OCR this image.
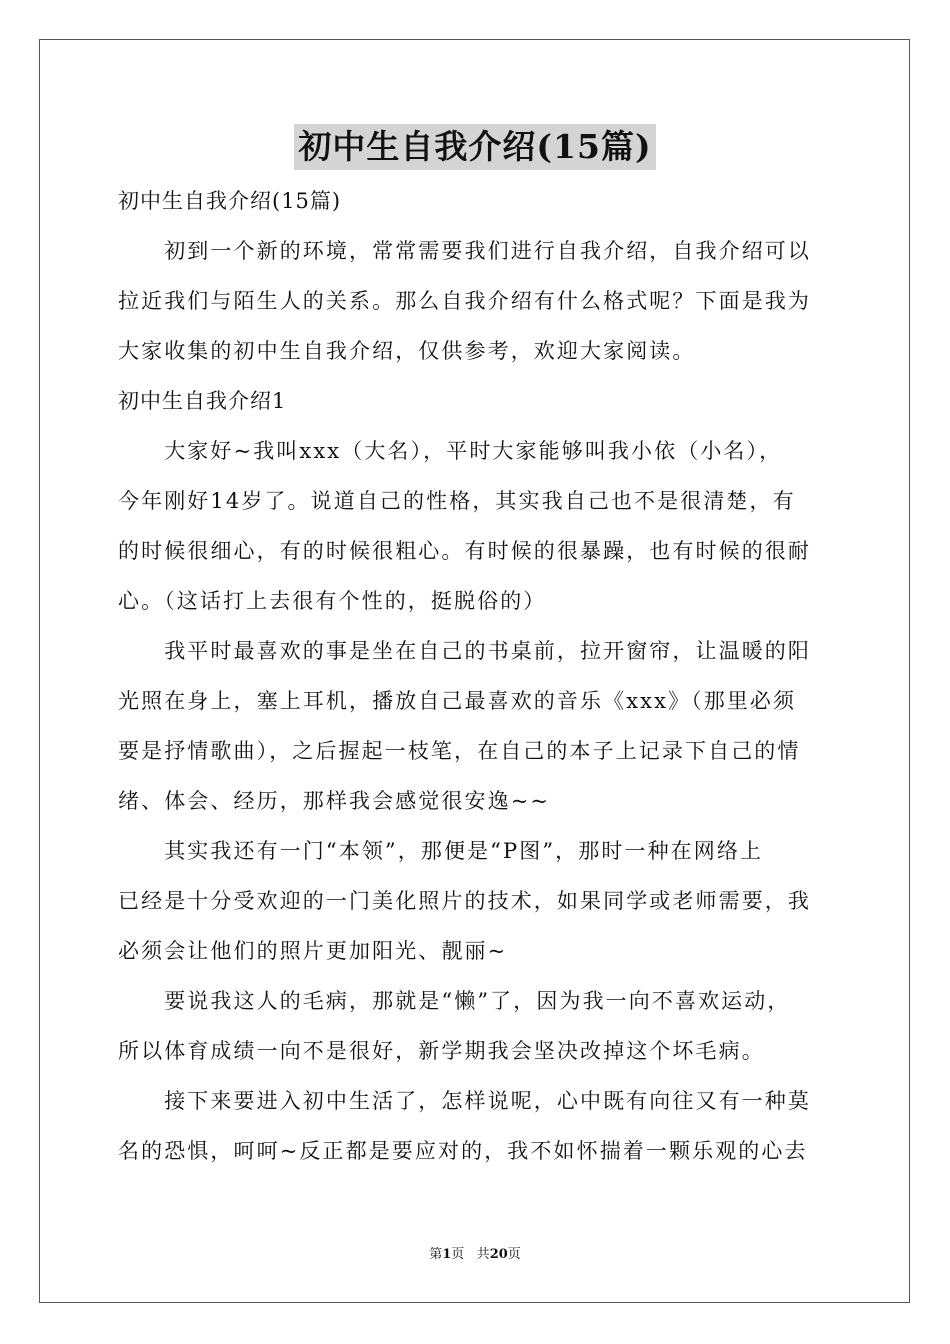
初中生自我介绍(15篇)
初中生自我介绍(15篇)
　　初到一个新的环境，常常需要我们进行自我介绍，自我介绍可以
拉近我们与陌生人的关系。那么自我介绍有什么格式呢？下面是我为
大家收集的初中生自我介绍，仅供参考，欢迎大家阅读。
初中生自我介绍1
　　大家好~我叫xxx（大名），平时大家能够叫我小依（小名），
今年刚好14岁了。说道自己的性格，其实我自己也不是很清楚，有
的时候很细心，有的时候很粗心。有时候的很暴躁，也有时候的很耐
心。（这话打上去很有个性的，挺脱俗的）
　　我平时最喜欢的事是坐在自己的书桌前，拉开窗帘，让温暖的阳
光照在身上，塞上耳机，播放自己最喜欢的音乐《xxx》（那里必须
要是抒情歌曲），之后握起一枝笔，在自己的本子上记录下自己的情
绪、体会、经历，那样我会感觉很安逸~~
　　其实我还有一门“本领”，那便是“P图”，那时一种在网络上
已经是十分受欢迎的一门美化照片的技术，如果同学或老师需要，我
必须会让他们的照片更加阳光、靓丽~
　　要说我这人的毛病，那就是“懒”了，因为我一向不喜欢运动，
所以体育成绩一向不是很好，新学期我会坚决改掉这个坏毛病。
　　接下来要进入初中生活了，怎样说呢，心中既有向往又有一种莫
名的恐惧，呵呵~反正都是要应对的，我不如怀揣着一颗乐观的心去
第1页 共20页
